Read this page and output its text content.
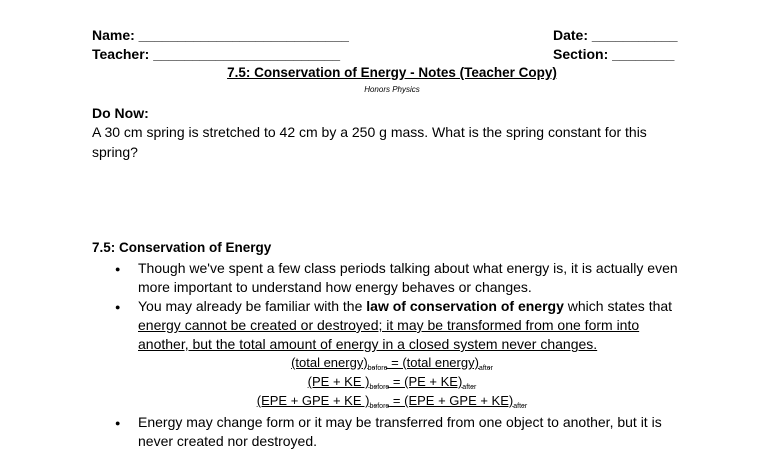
Name: ___________________________	Date: ___________
Teacher: ________________________	Section: ________
7.5: Conservation of Energy - Notes (Teacher Copy)
Honors Physics
Do Now:
A 30 cm spring is stretched to 42 cm by a 250 g mass. What is the spring constant for this
spring?
7.5: Conservation of Energy
● Though we've spent a few class periods talking about what energy is, it is actually even
more important to understand how energy behaves or changes.
● You may already be familiar with the law of conservation of energy which states that
energy cannot be created or destroyed; it may be transformed from one form into
another, but the total amount of energy in a closed system never changes.
(total $energy)_{before}$ = (total $energy)_{after}$
(PE + KE )$_{before} = (PE + KE)_{after}$
(EPE + GPE + KE )$_{before} = (EPE$ + GPE + $KE)_{after}$
● Energy may change form or it may be transferred from one object to another, but it is
never created nor destroyed.
